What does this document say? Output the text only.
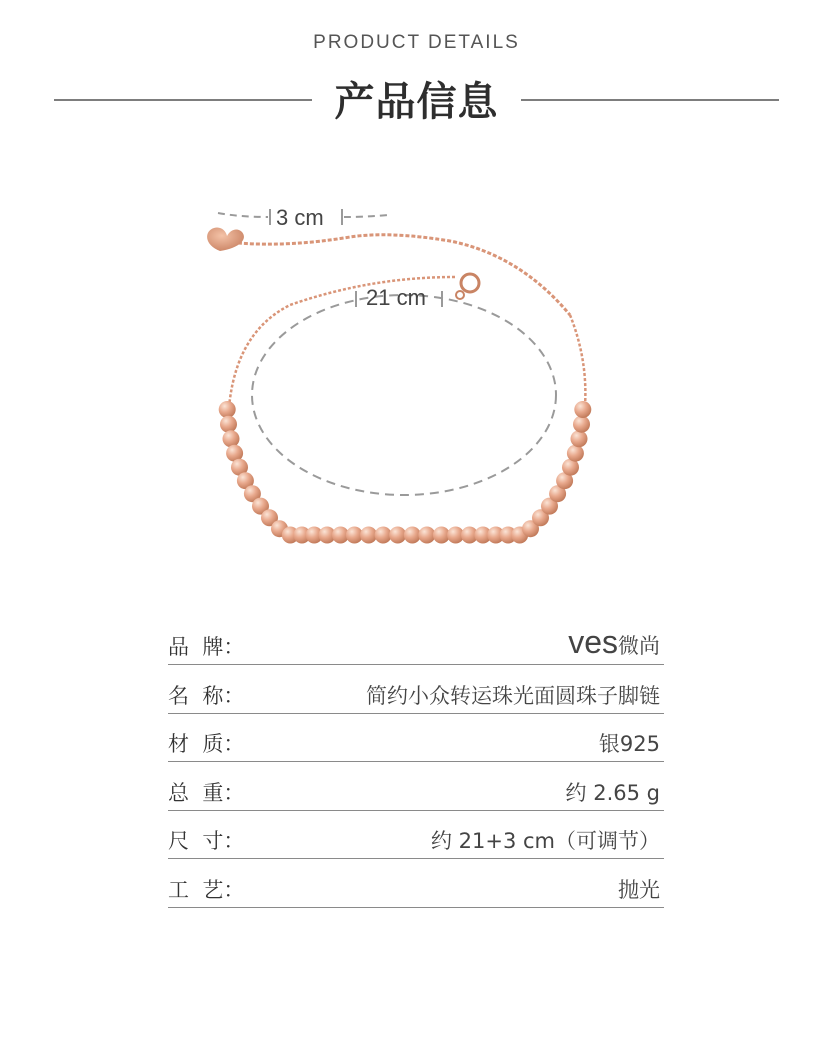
PRODUCT DETAILS
产品信息
3 cm
21 cm
品  牌：	ves微尚
名  称：	简约小众转运珠光面圆珠子脚链
材  质：	银925
总  重：	约 2.65 g
尺  寸：	约 21+3 cm（可调节）
工  艺：	抛光
